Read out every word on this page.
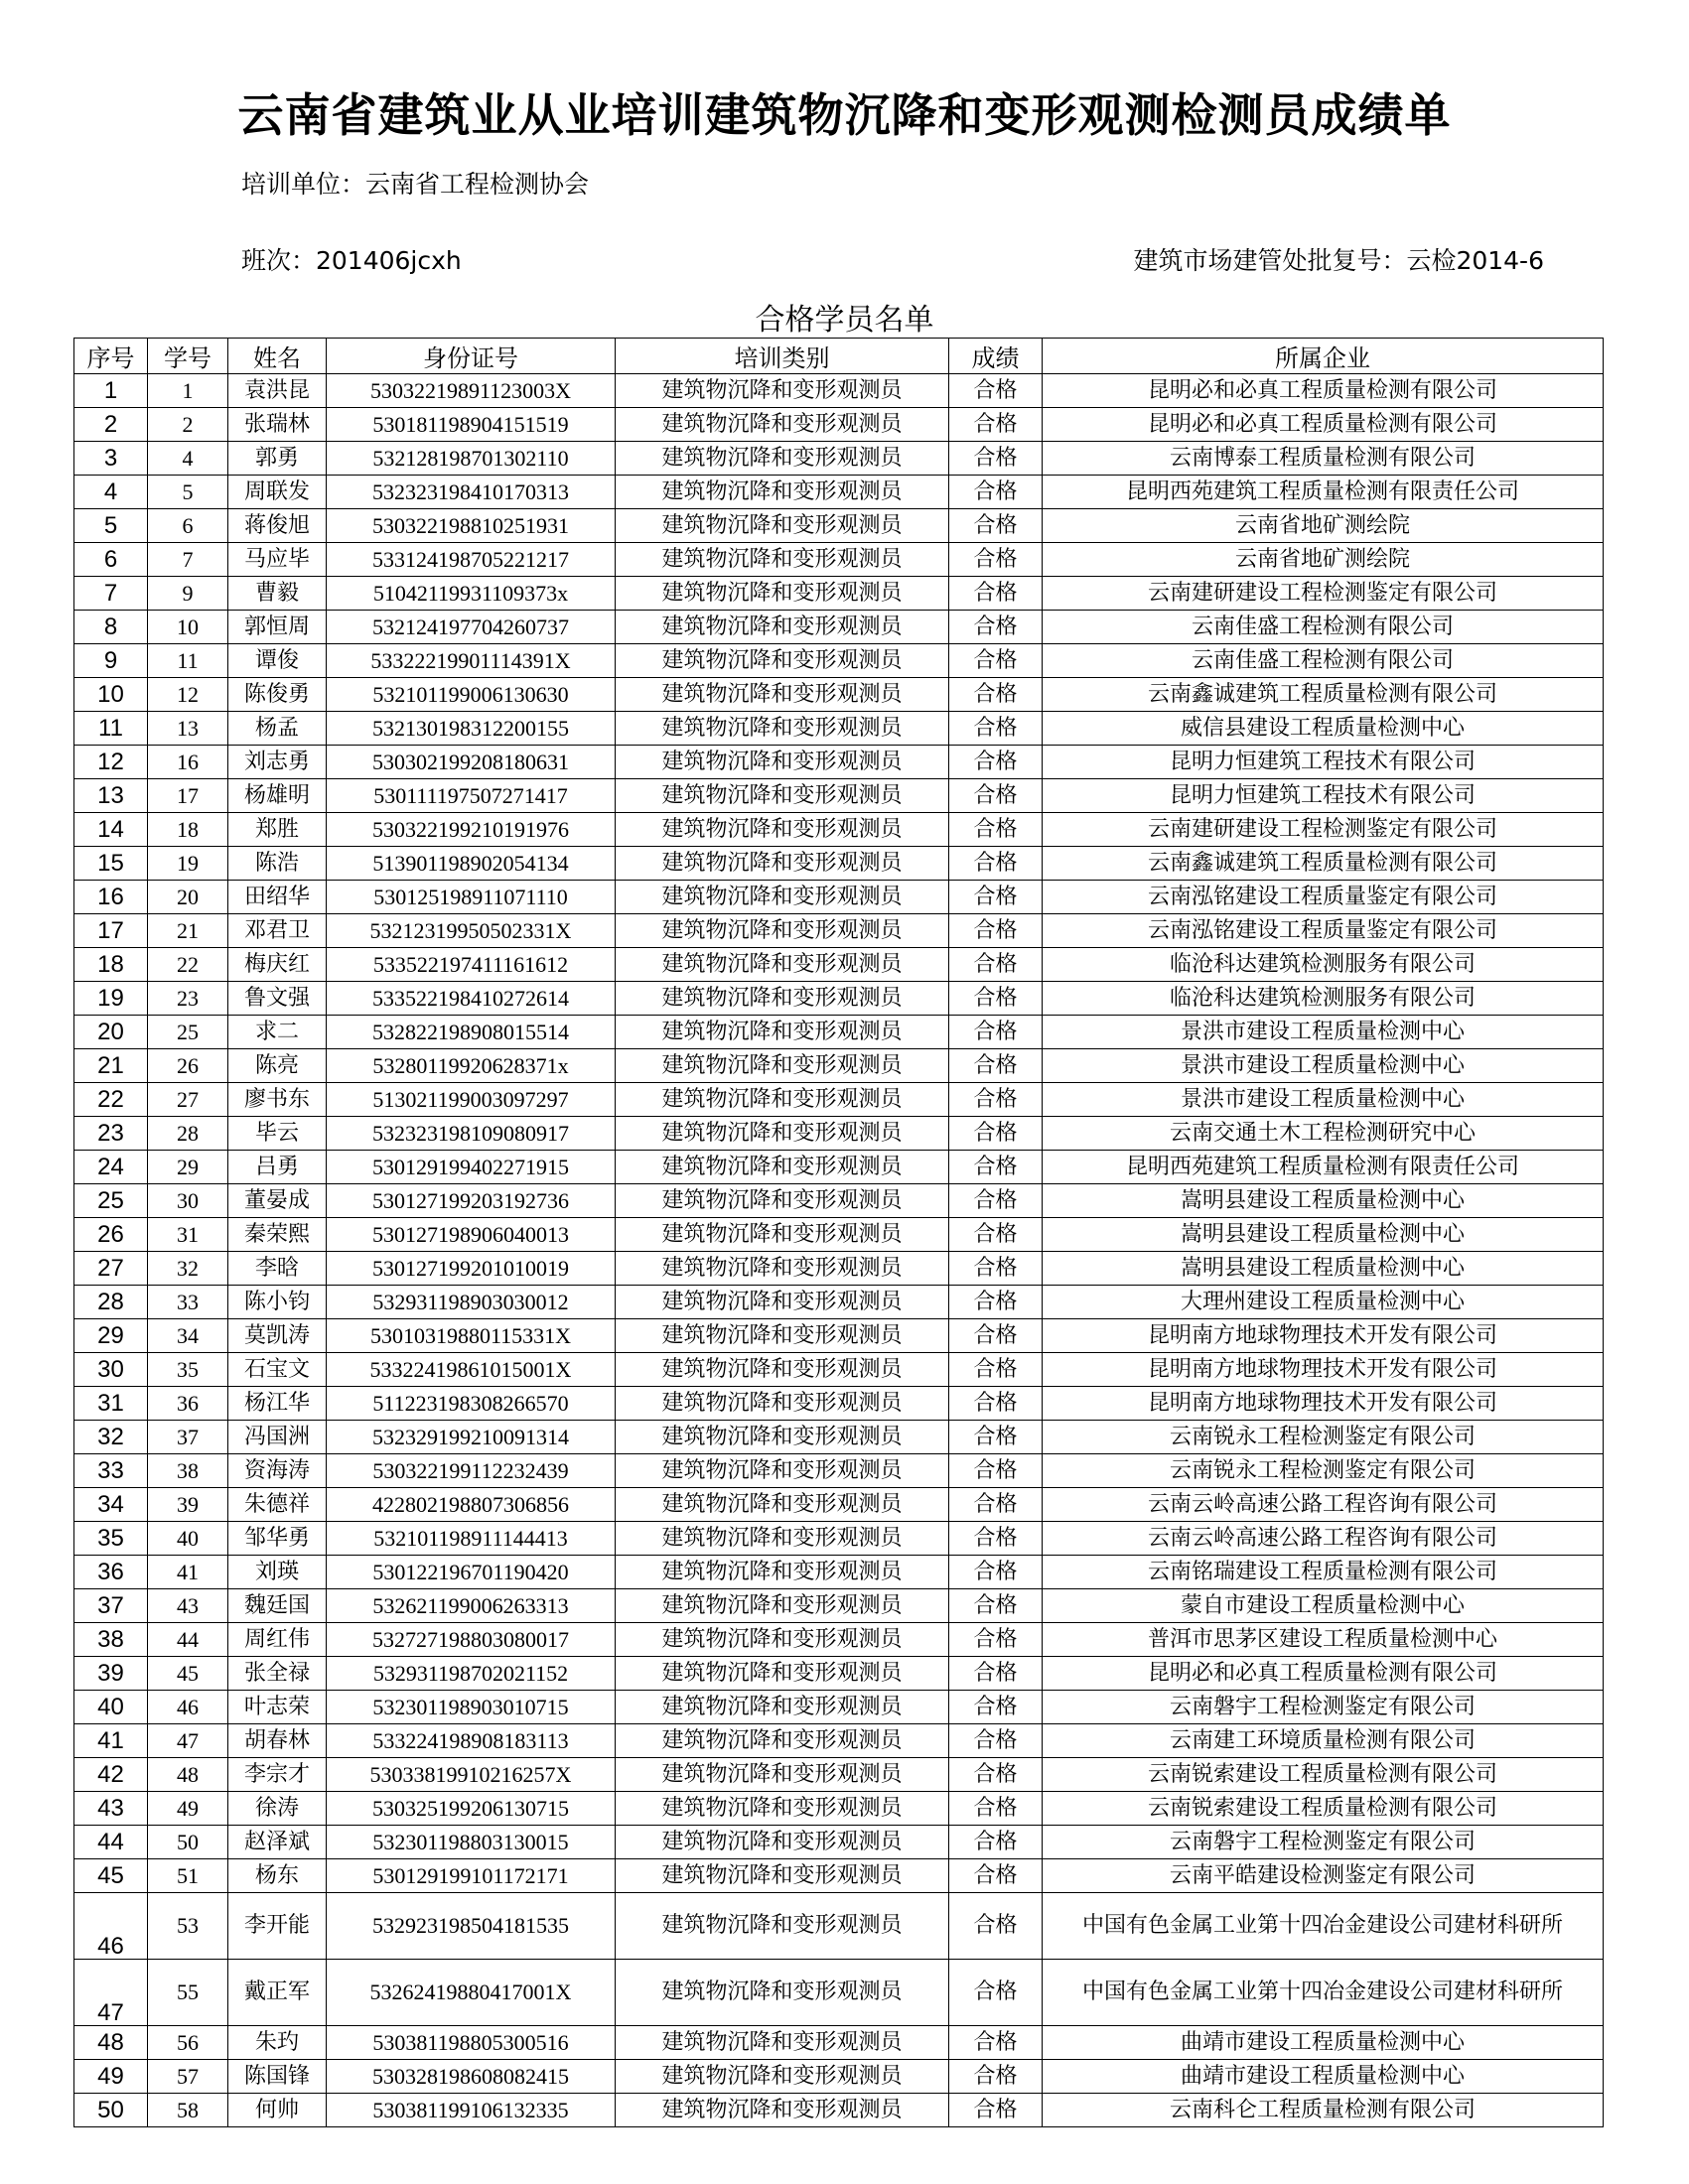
云南省建筑业从业培训建筑物沉降和变形观测检测员成绩单
培训单位：云南省工程检测协会
班次：201406jcxh	建筑市场建管处批复号：云检2014-6
合格学员名单
序号	学号	姓名	身份证号	培训类别	成绩	所属企业
1	1	袁洪昆	53032219891123003X	建筑物沉降和变形观测员	合格	昆明必和必真工程质量检测有限公司
2	2	张瑞林	530181198904151519	建筑物沉降和变形观测员	合格	昆明必和必真工程质量检测有限公司
3	4	郭勇	532128198701302110	建筑物沉降和变形观测员	合格	云南博泰工程质量检测有限公司
4	5	周联发	532323198410170313	建筑物沉降和变形观测员	合格	昆明西苑建筑工程质量检测有限责任公司
5	6	蒋俊旭	530322198810251931	建筑物沉降和变形观测员	合格	云南省地矿测绘院
6	7	马应毕	533124198705221217	建筑物沉降和变形观测员	合格	云南省地矿测绘院
7	9	曹毅	51042119931109373x	建筑物沉降和变形观测员	合格	云南建研建设工程检测鉴定有限公司
8	10	郭恒周	532124197704260737	建筑物沉降和变形观测员	合格	云南佳盛工程检测有限公司
9	11	谭俊	53322219901114391X	建筑物沉降和变形观测员	合格	云南佳盛工程检测有限公司
10	12	陈俊勇	532101199006130630	建筑物沉降和变形观测员	合格	云南鑫诚建筑工程质量检测有限公司
11	13	杨孟	532130198312200155	建筑物沉降和变形观测员	合格	威信县建设工程质量检测中心
12	16	刘志勇	530302199208180631	建筑物沉降和变形观测员	合格	昆明力恒建筑工程技术有限公司
13	17	杨雄明	530111197507271417	建筑物沉降和变形观测员	合格	昆明力恒建筑工程技术有限公司
14	18	郑胜	530322199210191976	建筑物沉降和变形观测员	合格	云南建研建设工程检测鉴定有限公司
15	19	陈浩	513901198902054134	建筑物沉降和变形观测员	合格	云南鑫诚建筑工程质量检测有限公司
16	20	田绍华	530125198911071110	建筑物沉降和变形观测员	合格	云南泓铭建设工程质量鉴定有限公司
17	21	邓君卫	53212319950502331X	建筑物沉降和变形观测员	合格	云南泓铭建设工程质量鉴定有限公司
18	22	梅庆红	533522197411161612	建筑物沉降和变形观测员	合格	临沧科达建筑检测服务有限公司
19	23	鲁文强	533522198410272614	建筑物沉降和变形观测员	合格	临沧科达建筑检测服务有限公司
20	25	求二	532822198908015514	建筑物沉降和变形观测员	合格	景洪市建设工程质量检测中心
21	26	陈亮	53280119920628371x	建筑物沉降和变形观测员	合格	景洪市建设工程质量检测中心
22	27	廖书东	513021199003097297	建筑物沉降和变形观测员	合格	景洪市建设工程质量检测中心
23	28	毕云	532323198109080917	建筑物沉降和变形观测员	合格	云南交通土木工程检测研究中心
24	29	吕勇	530129199402271915	建筑物沉降和变形观测员	合格	昆明西苑建筑工程质量检测有限责任公司
25	30	董晏成	530127199203192736	建筑物沉降和变形观测员	合格	嵩明县建设工程质量检测中心
26	31	秦荣熙	530127198906040013	建筑物沉降和变形观测员	合格	嵩明县建设工程质量检测中心
27	32	李晗	530127199201010019	建筑物沉降和变形观测员	合格	嵩明县建设工程质量检测中心
28	33	陈小钧	532931198903030012	建筑物沉降和变形观测员	合格	大理州建设工程质量检测中心
29	34	莫凯涛	53010319880115331X	建筑物沉降和变形观测员	合格	昆明南方地球物理技术开发有限公司
30	35	石宝文	53322419861015001X	建筑物沉降和变形观测员	合格	昆明南方地球物理技术开发有限公司
31	36	杨江华	511223198308266570	建筑物沉降和变形观测员	合格	昆明南方地球物理技术开发有限公司
32	37	冯国洲	532329199210091314	建筑物沉降和变形观测员	合格	云南锐永工程检测鉴定有限公司
33	38	资海涛	530322199112232439	建筑物沉降和变形观测员	合格	云南锐永工程检测鉴定有限公司
34	39	朱德祥	422802198807306856	建筑物沉降和变形观测员	合格	云南云岭高速公路工程咨询有限公司
35	40	邹华勇	532101198911144413	建筑物沉降和变形观测员	合格	云南云岭高速公路工程咨询有限公司
36	41	刘瑛	530122196701190420	建筑物沉降和变形观测员	合格	云南铭瑞建设工程质量检测有限公司
37	43	魏廷国	532621199006263313	建筑物沉降和变形观测员	合格	蒙自市建设工程质量检测中心
38	44	周红伟	532727198803080017	建筑物沉降和变形观测员	合格	普洱市思茅区建设工程质量检测中心
39	45	张全禄	532931198702021152	建筑物沉降和变形观测员	合格	昆明必和必真工程质量检测有限公司
40	46	叶志荣	532301198903010715	建筑物沉降和变形观测员	合格	云南磐宇工程检测鉴定有限公司
41	47	胡春林	533224198908183113	建筑物沉降和变形观测员	合格	云南建工环境质量检测有限公司
42	48	李宗才	53033819910216257X	建筑物沉降和变形观测员	合格	云南锐索建设工程质量检测有限公司
43	49	徐涛	530325199206130715	建筑物沉降和变形观测员	合格	云南锐索建设工程质量检测有限公司
44	50	赵泽斌	532301198803130015	建筑物沉降和变形观测员	合格	云南磐宇工程检测鉴定有限公司
45	51	杨东	530129199101172171	建筑物沉降和变形观测员	合格	云南平皓建设检测鉴定有限公司
46	53	李开能	532923198504181535	建筑物沉降和变形观测员	合格	中国有色金属工业第十四冶金建设公司建材科研所
47	55	戴正军	53262419880417001X	建筑物沉降和变形观测员	合格	中国有色金属工业第十四冶金建设公司建材科研所
48	56	朱玓	530381198805300516	建筑物沉降和变形观测员	合格	曲靖市建设工程质量检测中心
49	57	陈国锋	530328198608082415	建筑物沉降和变形观测员	合格	曲靖市建设工程质量检测中心
50	58	何帅	530381199106132335	建筑物沉降和变形观测员	合格	云南科仑工程质量检测有限公司
